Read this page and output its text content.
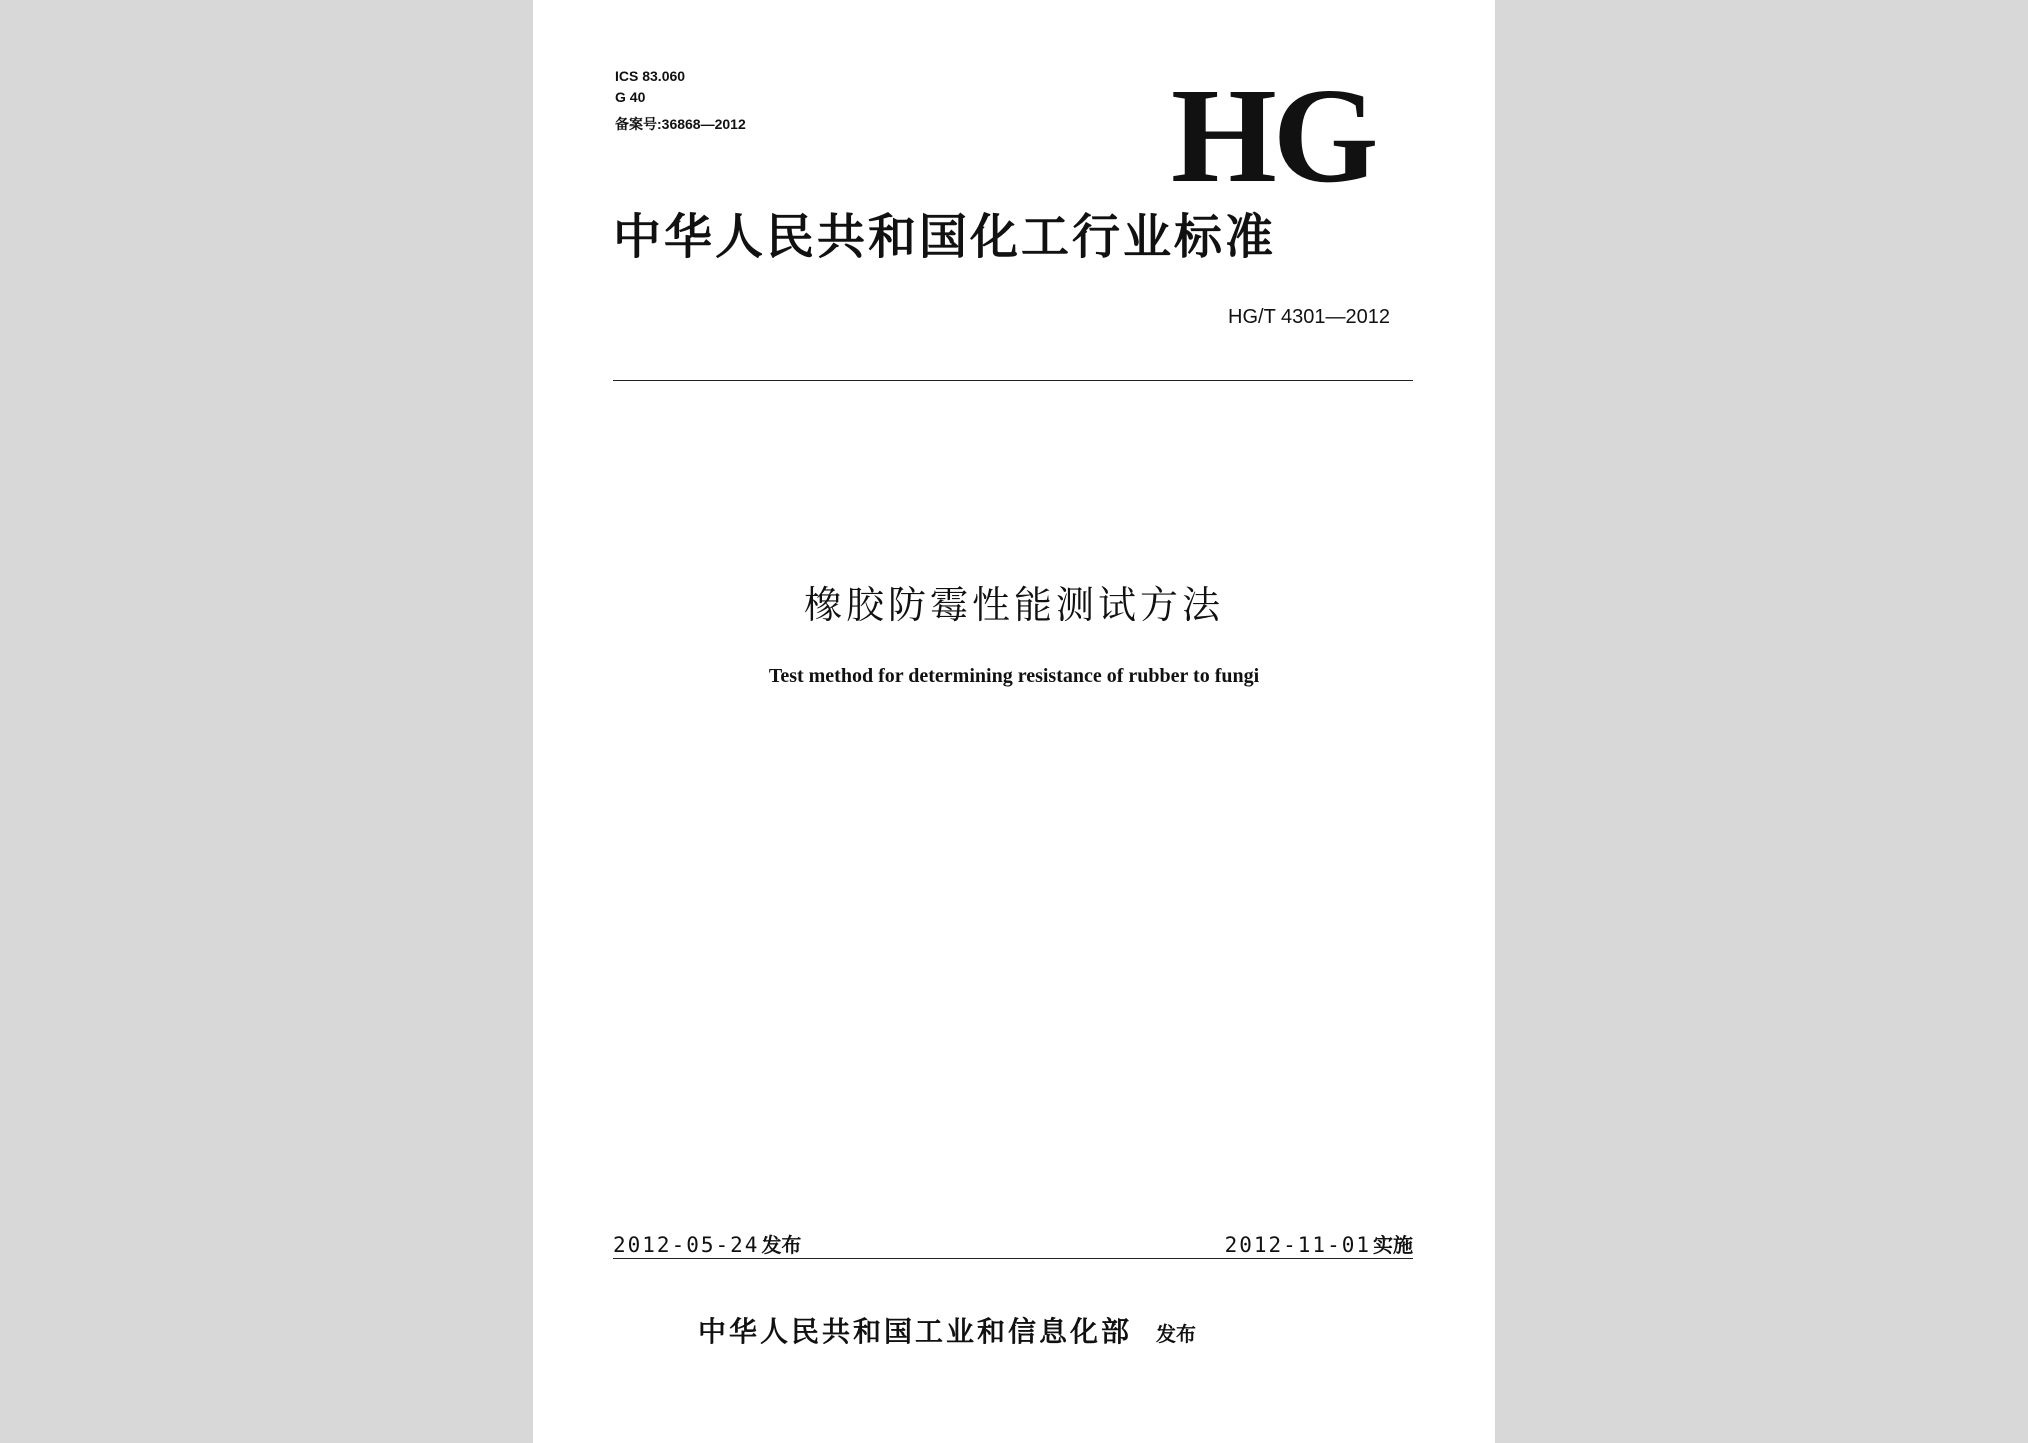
ICS 83.060
G 40
备案号:36868—2012	HG
中华人民共和国化工行业标准
HG/T 4301—2012
橡胶防霉性能测试方法
Test method for determining resistance of rubber to fungi
2012-05-24 发布	2012-11-01 实施
中华人民共和国工业和信息化部 发布
